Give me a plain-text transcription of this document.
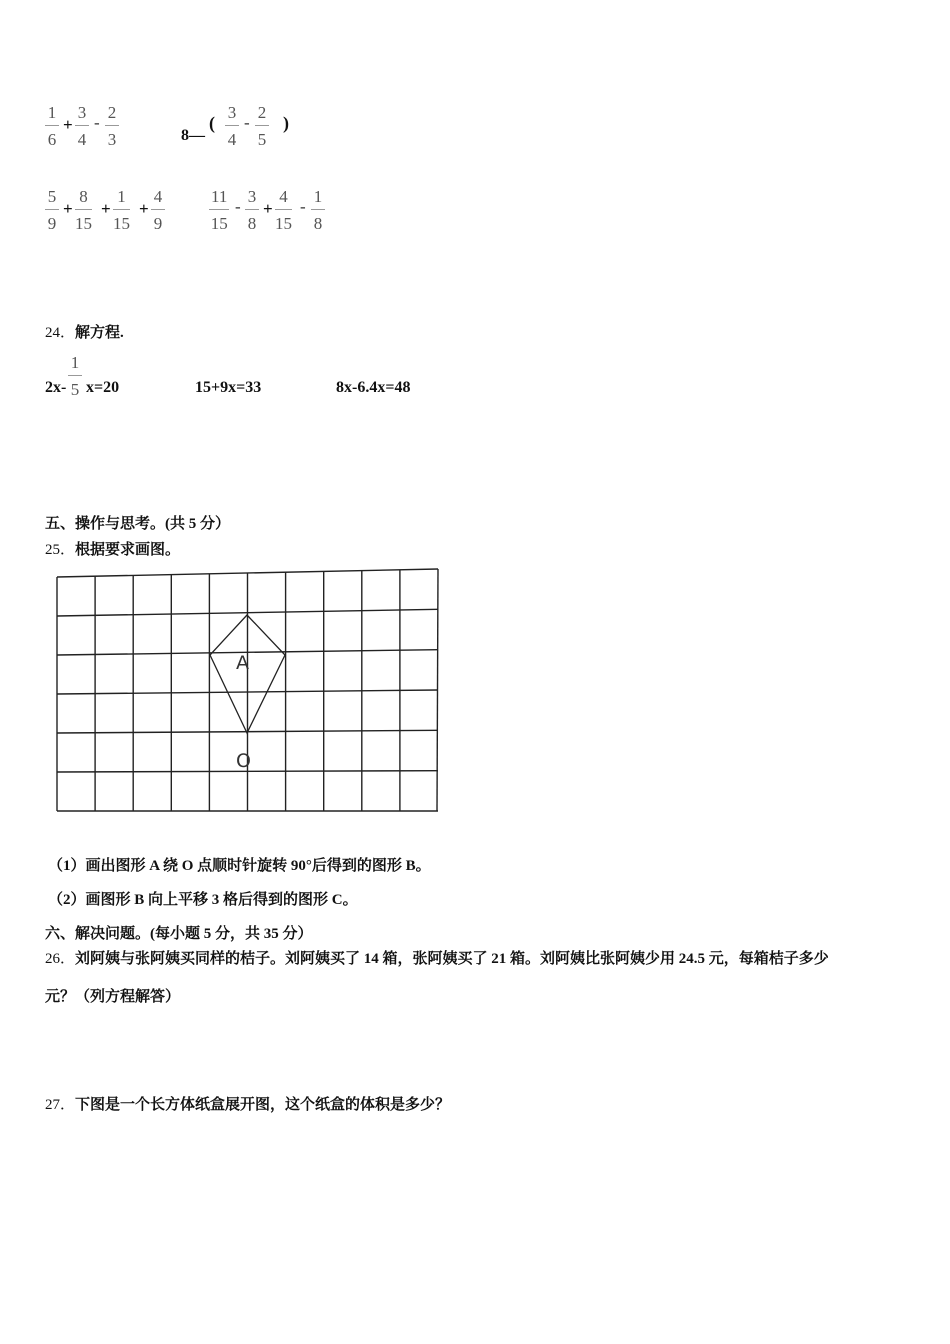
1
6
+
3
4
-
2
3	8—
(
3
4
-
2
5
)
5
9
+
8
15
+
1
15
+
4
9
11
15
-
3
8
+
4
15
-
1
8
24．解方程.
2x-
1
5 x=20	15+9x=33	8x-6.4x=48
五、操作与思考。(共 5 分）
25．根据要求画图。
A
O
（1）画出图形 A 绕 O 点顺时针旋转 90°后得到的图形 B。
（2）画图形 B 向上平移 3 格后得到的图形 C。
六、解决问题。(每小题 5 分，共 35 分）
26．刘阿姨与张阿姨买同样的桔子。刘阿姨买了 14 箱，张阿姨买了 21 箱。刘阿姨比张阿姨少用 24.5 元，每箱桔子多少
元？（列方程解答）
27．下图是一个长方体纸盒展开图，这个纸盒的体积是多少？
